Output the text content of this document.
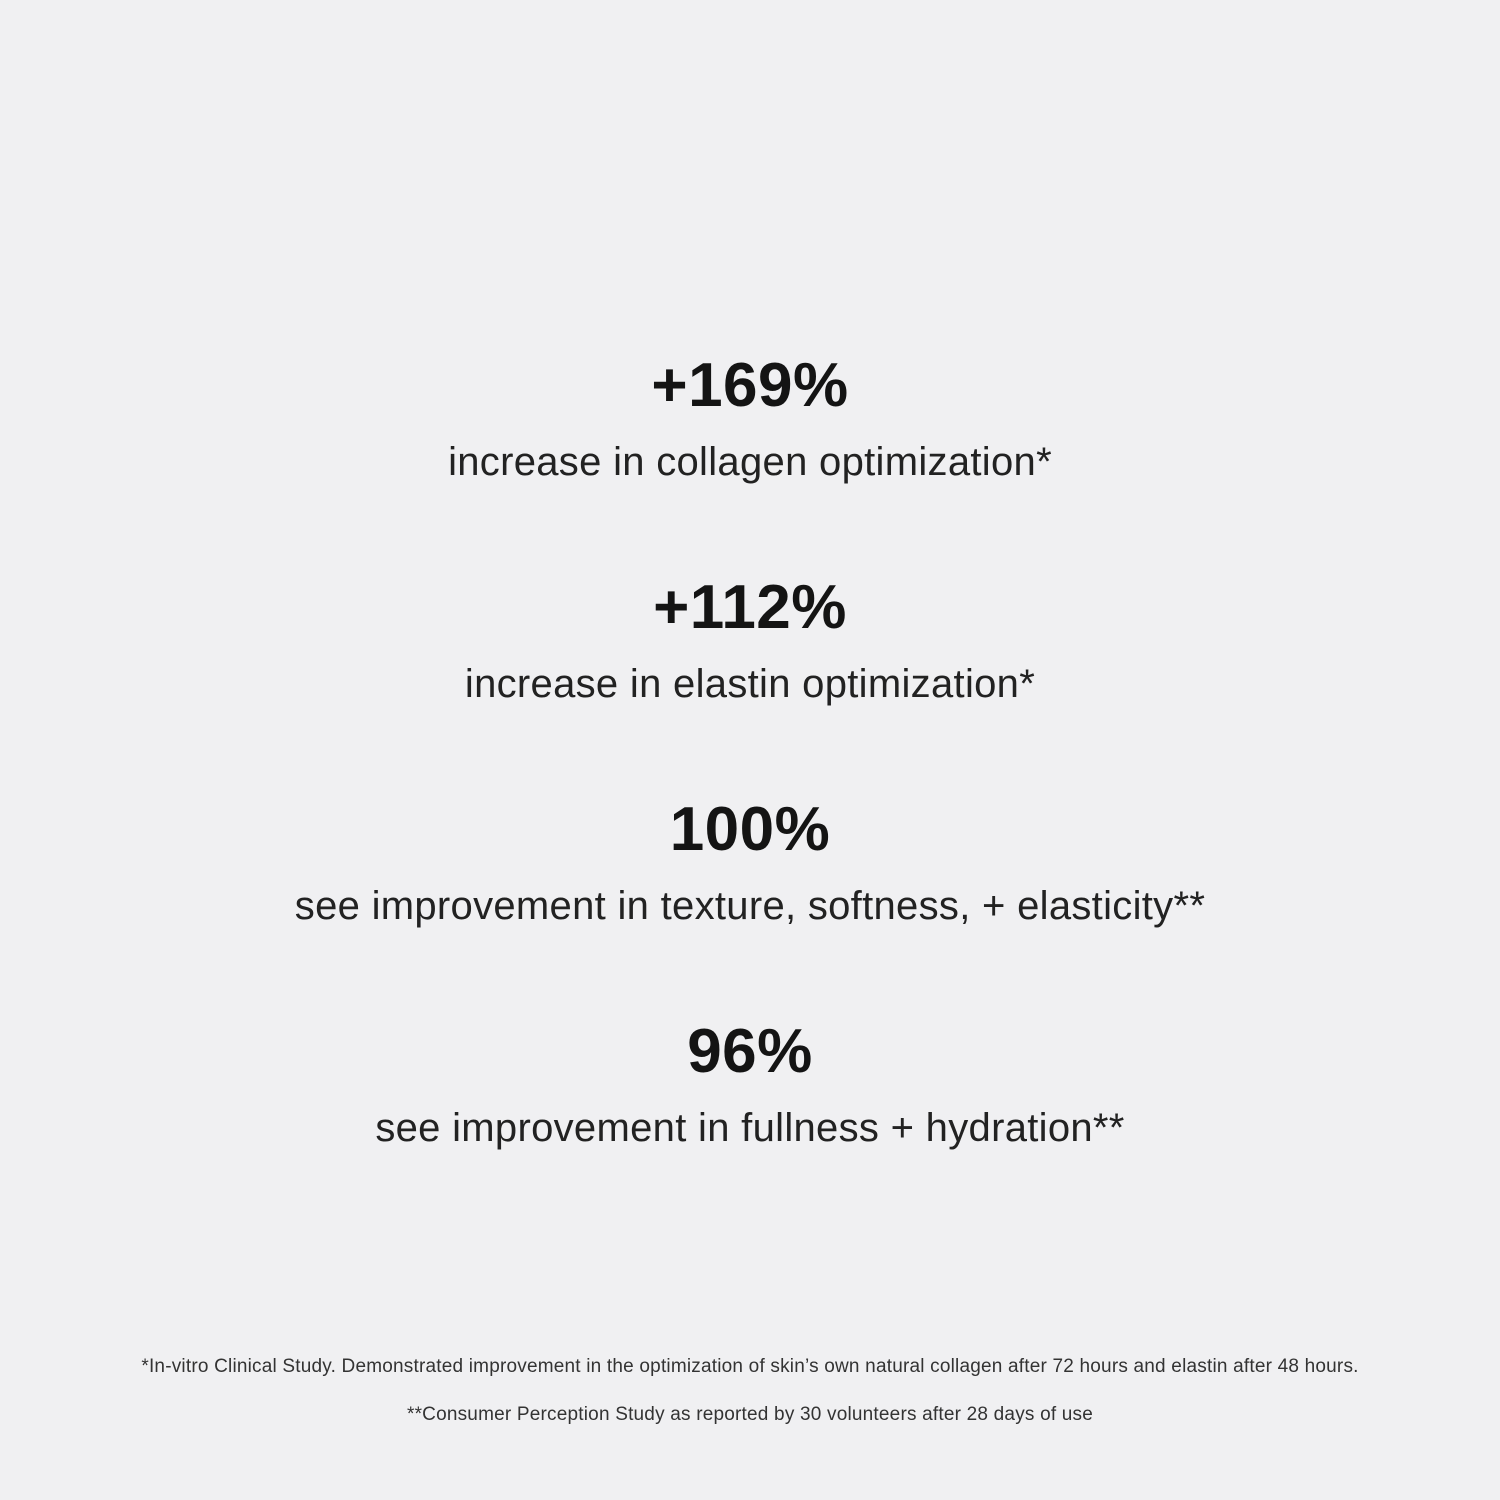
+169%
increase in collagen optimization*
+112%
increase in elastin optimization*
100%
see improvement in texture, softness, + elasticity**
96%
see improvement in fullness + hydration**
*In-vitro Clinical Study. Demonstrated improvement in the optimization of skin’s own natural collagen after 72 hours and elastin after 48 hours.
**Consumer Perception Study as reported by 30 volunteers after 28 days of use
